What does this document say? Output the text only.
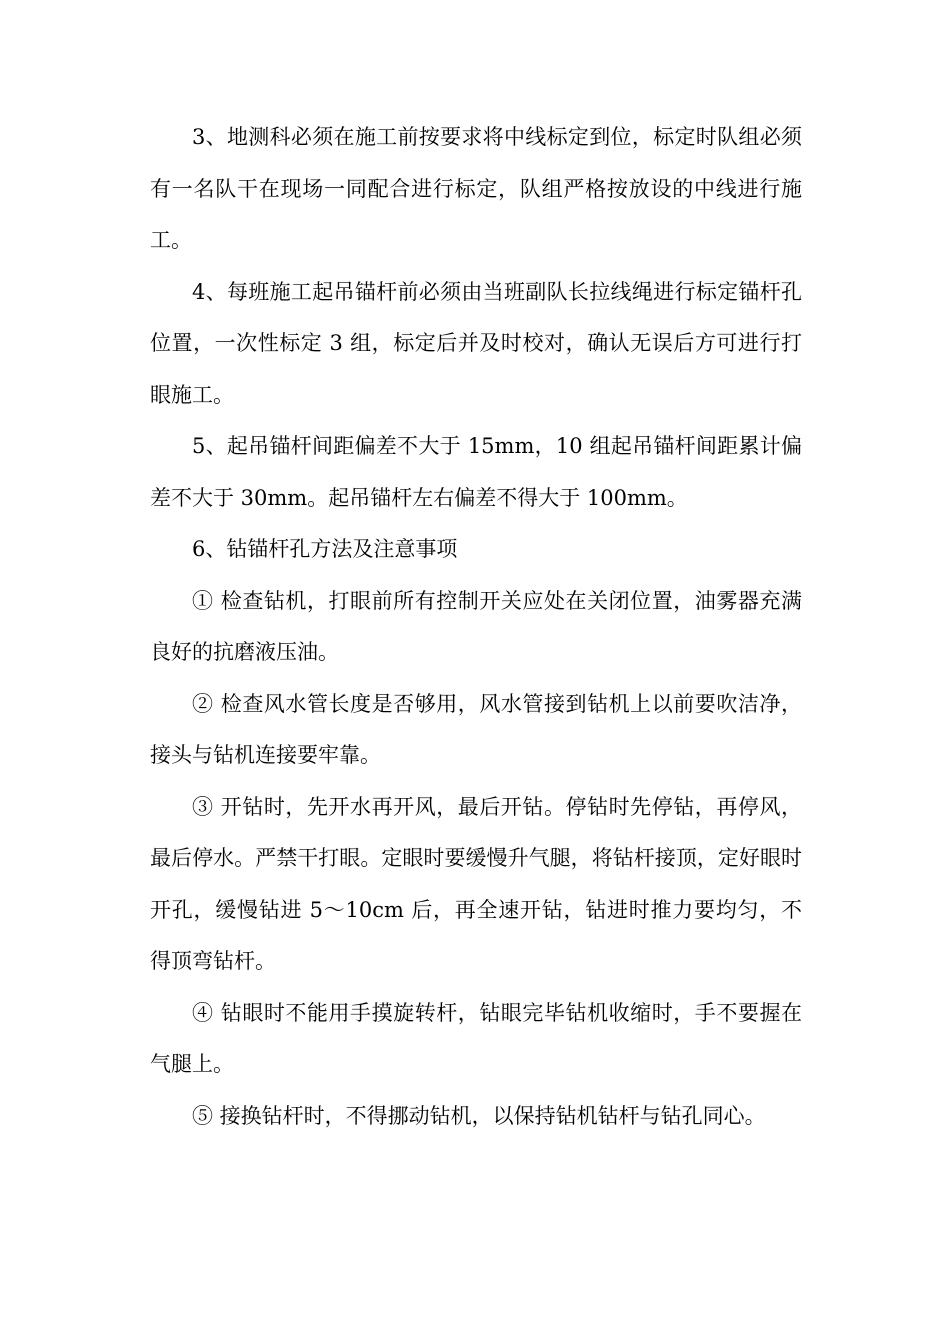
3、地测科必须在施工前按要求将中线标定到位，标定时队组必须有一名队干在现场一同配合进行标定，队组严格按放设的中线进行施工。

4、每班施工起吊锚杆前必须由当班副队长拉线绳进行标定锚杆孔位置，一次性标定 3 组，标定后并及时校对，确认无误后方可进行打眼施工。

5、起吊锚杆间距偏差不大于 15mm，10 组起吊锚杆间距累计偏差不大于 30mm。起吊锚杆左右偏差不得大于 100mm。

6、钻锚杆孔方法及注意事项

① 检查钻机，打眼前所有控制开关应处在关闭位置，油雾器充满良好的抗磨液压油。

② 检查风水管长度是否够用，风水管接到钻机上以前要吹洁净，接头与钻机连接要牢靠。

③ 开钻时，先开水再开风，最后开钻。停钻时先停钻，再停风，最后停水。严禁干打眼。定眼时要缓慢升气腿，将钻杆接顶，定好眼时开孔，缓慢钻进 5～10cm 后，再全速开钻，钻进时推力要均匀，不得顶弯钻杆。

④ 钻眼时不能用手摸旋转杆，钻眼完毕钻机收缩时，手不要握在气腿上。

⑤ 接换钻杆时，不得挪动钻机，以保持钻机钻杆与钻孔同心。
